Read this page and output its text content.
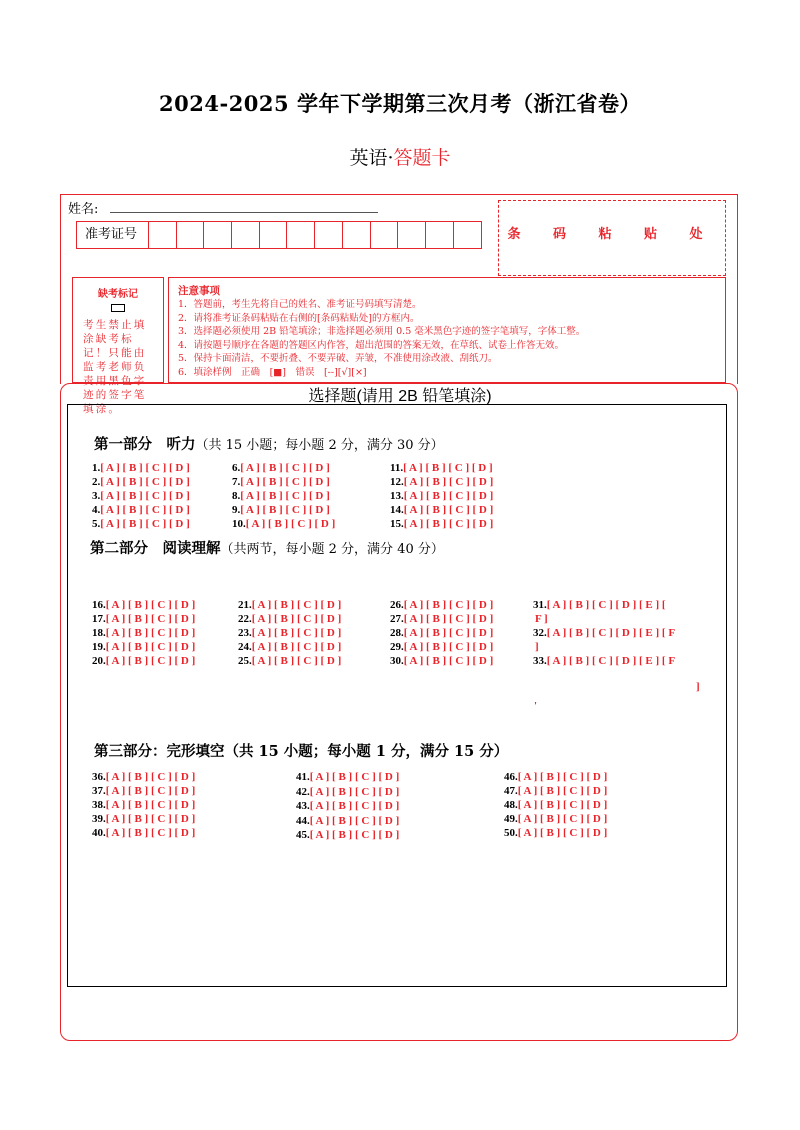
2024-2025 学年下学期第三次月考（浙江省卷）
英语·答题卡
姓名:
准考证号	条 码 粘 贴 处
缺考标记
考生禁止填涂缺考标记！只能由监考老师负责用黑色字迹的签字笔填涂。
注意事项
1．答题前，考生先将自己的姓名、准考证号码填写清楚。
2．请将准考证条码粘贴在右侧的[条码粘贴处]的方框内。
3．选择题必须使用 2B 铅笔填涂；非选择题必须用 0.5 毫米黑色字迹的签字笔填写，字体工整。
4．请按题号顺序在各题的答题区内作答，超出范围的答案无效，在草纸、试卷上作答无效。
5．保持卡面清洁，不要折叠、不要弄破、弄皱，不准使用涂改液、刮纸刀。
6．填涂样例  正确  [■]  错误  [--][√][×]
选择题(请用 2B 铅笔填涂)
第一部分　听力（共 15 小题；每小题 2 分，满分 30 分）
1.[ A ] [ B ] [ C ] [ D ]
2.[ A ] [ B ] [ C ] [ D ]
3.[ A ] [ B ] [ C ] [ D ]
4.[ A ] [ B ] [ C ] [ D ]
5.[ A ] [ B ] [ C ] [ D ]
6.[ A ] [ B ] [ C ] [ D ]
7.[ A ] [ B ] [ C ] [ D ]
8.[ A ] [ B ] [ C ] [ D ]
9.[ A ] [ B ] [ C ] [ D ]
10.[ A ] [ B ] [ C ] [ D ]
11.[ A ] [ B ] [ C ] [ D ]
12.[ A ] [ B ] [ C ] [ D ]
13.[ A ] [ B ] [ C ] [ D ]
14.[ A ] [ B ] [ C ] [ D ]
15.[ A ] [ B ] [ C ] [ D ]
第二部分　阅读理解（共两节，每小题 2 分，满分 40 分）
16.[ A ] [ B ] [ C ] [ D ]
17.[ A ] [ B ] [ C ] [ D ]
18.[ A ] [ B ] [ C ] [ D ]
19.[ A ] [ B ] [ C ] [ D ]
20.[ A ] [ B ] [ C ] [ D ]
21.[ A ] [ B ] [ C ] [ D ]
22.[ A ] [ B ] [ C ] [ D ]
23.[ A ] [ B ] [ C ] [ D ]
24.[ A ] [ B ] [ C ] [ D ]
25.[ A ] [ B ] [ C ] [ D ]
26.[ A ] [ B ] [ C ] [ D ]
27.[ A ] [ B ] [ C ] [ D ]
28.[ A ] [ B ] [ C ] [ D ]
29.[ A ] [ B ] [ C ] [ D ]
30.[ A ] [ B ] [ C ] [ D ]
31.[ A ] [ B ] [ C ] [ D ] [ E ] [
F ]
32.[ A ] [ B ] [ C ] [ D ] [ E ] [ F
]
33.[ A ] [ B ] [ C ] [ D ] [ E ] [ F
]
'
第三部分：完形填空（共 15 小题；每小题 1 分，满分 15 分）
36.[ A ] [ B ] [ C ] [ D ]
37.[ A ] [ B ] [ C ] [ D ]
38.[ A ] [ B ] [ C ] [ D ]
39.[ A ] [ B ] [ C ] [ D ]
40.[ A ] [ B ] [ C ] [ D ]
41.[ A ] [ B ] [ C ] [ D ]
42.[ A ] [ B ] [ C ] [ D ]
43.[ A ] [ B ] [ C ] [ D ]
44.[ A ] [ B ] [ C ] [ D ]
45.[ A ] [ B ] [ C ] [ D ]
46.[ A ] [ B ] [ C ] [ D ]
47.[ A ] [ B ] [ C ] [ D ]
48.[ A ] [ B ] [ C ] [ D ]
49.[ A ] [ B ] [ C ] [ D ]
50.[ A ] [ B ] [ C ] [ D ]
